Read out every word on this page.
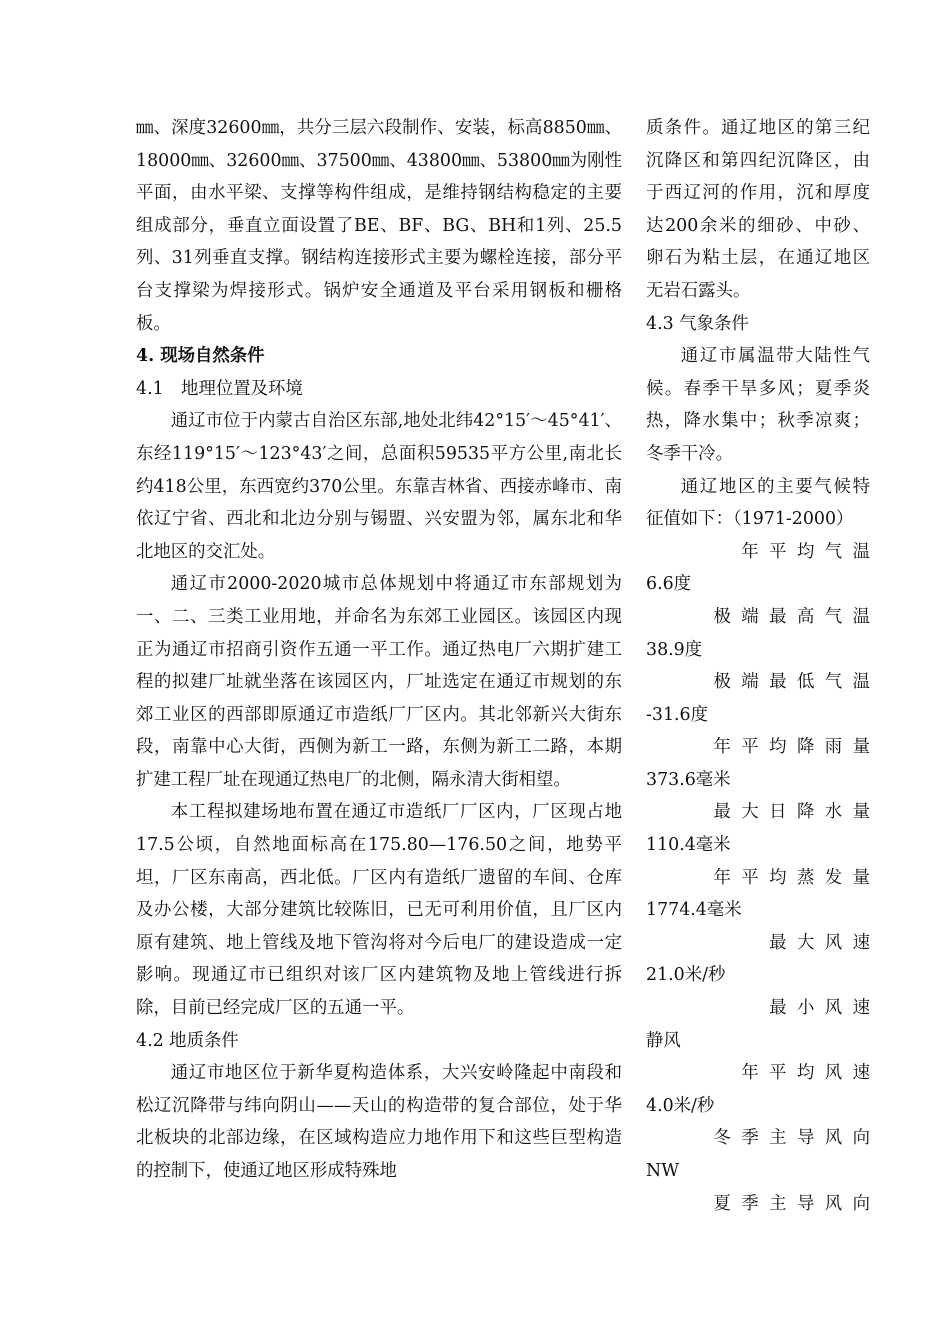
㎜、深度32600㎜，共分三层六段制作、安装，标高8850㎜、18000㎜、32600㎜、37500㎜、43800㎜、53800㎜为刚性平面，由水平梁、支撑等构件组成，是维持钢结构稳定的主要组成部分，垂直立面设置了BE、BF、BG、BH和1列、25.5列、31列垂直支撑。钢结构连接形式主要为螺栓连接，部分平台支撑梁为焊接形式。锅炉安全通道及平台采用钢板和栅格板。

4. 现场自然条件

4.1　地理位置及环境

通辽市位于内蒙古自治区东部,地处北纬42°15′～45°41′、东经119°15′～123°43′之间，总面积59535平方公里,南北长约418公里，东西宽约370公里。东靠吉林省、西接赤峰市、南依辽宁省、西北和北边分别与锡盟、兴安盟为邻，属东北和华北地区的交汇处。

通辽市2000-2020城市总体规划中将通辽市东部规划为一、二、三类工业用地，并命名为东郊工业园区。该园区内现正为通辽市招商引资作五通一平工作。通辽热电厂六期扩建工程的拟建厂址就坐落在该园区内，厂址选定在通辽市规划的东郊工业区的西部即原通辽市造纸厂厂区内。其北邻新兴大街东段，南靠中心大街，西侧为新工一路，东侧为新工二路，本期扩建工程厂址在现通辽热电厂的北侧，隔永清大街相望。

本工程拟建场地布置在通辽市造纸厂厂区内，厂区现占地17.5公顷，自然地面标高在175.80—176.50之间，地势平坦，厂区东南高，西北低。厂区内有造纸厂遗留的车间、仓库及办公楼，大部分建筑比较陈旧，已无可利用价值，且厂区内原有建筑、地上管线及地下管沟将对今后电厂的建设造成一定影响。现通辽市已组织对该厂区内建筑物及地上管线进行拆除，目前已经完成厂区的五通一平。

4.2 地质条件

通辽市地区位于新华夏构造体系，大兴安岭隆起中南段和松辽沉降带与纬向阴山——天山的构造带的复合部位，处于华北板块的北部边缘，在区域构造应力地作用下和这些巨型构造的控制下，使通辽地区形成特殊地

质条件。通辽地区的第三纪沉降区和第四纪沉降区，由于西辽河的作用，沉和厚度达200余米的细砂、中砂、卵石为粘土层，在通辽地区无岩石露头。

4.3 气象条件

通辽市属温带大陆性气候。春季干旱多风；夏季炎热，降水集中；秋季凉爽；冬季干冷。

通辽地区的主要气候特征值如下：（1971-2000）

年平均气温

6.6度

极端最高气温

38.9度

极端最低气温

-31.6度

年平均降雨量

373.6毫米

最大日降水量

110.4毫米

年平均蒸发量

1774.4毫米

最大风速

21.0米/秒

最小风速

静风

年平均风速

4.0米/秒

冬季主导风向

NW

夏季主导风向
